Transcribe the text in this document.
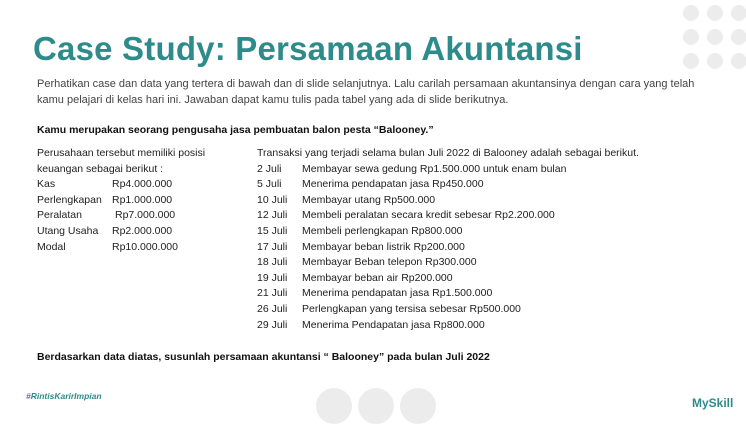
Case Study: Persamaan Akuntansi

Perhatikan case dan data yang tertera di bawah dan di slide selanjutnya. Lalu carilah persamaan akuntansinya dengan cara yang telah kamu pelajari di kelas hari ini. Jawaban dapat kamu tulis pada tabel yang ada di slide berikutnya.

Kamu merupakan seorang pengusaha jasa pembuatan balon pesta “Balooney.”

Perusahaan tersebut memiliki posisi

keuangan sebagai berikut :

Kas	Rp4.000.000
Perlengkapan Rp1.000.000
Peralatan	Rp7.000.000
Utang Usaha	Rp2.000.000
Modal	Rp10.000.000

Transaksi yang terjadi selama bulan Juli 2022 di Balooney adalah sebagai berikut.

2 Juli	Membayar sewa gedung Rp1.500.000 untuk enam bulan
5 Juli	Menerima pendapatan jasa Rp450.000
10 Juli	Membayar utang Rp500.000
12 Juli	Membeli peralatan secara kredit sebesar Rp2.200.000
15 Juli	Membeli perlengkapan Rp800.000
17 Juli	Membayar beban listrik Rp200.000
18 Juli	Membayar Beban telepon Rp300.000
19 Juli	Membayar beban air Rp200.000
21 Juli	Menerima pendapatan jasa Rp1.500.000
26 Juli	Perlengkapan yang tersisa sebesar Rp500.000
29 Juli	Menerima Pendapatan jasa Rp800.000

Berdasarkan data diatas, susunlah persamaan akuntansi “ Balooney” pada bulan Juli 2022

#RintisKarirImpian	MySkill
